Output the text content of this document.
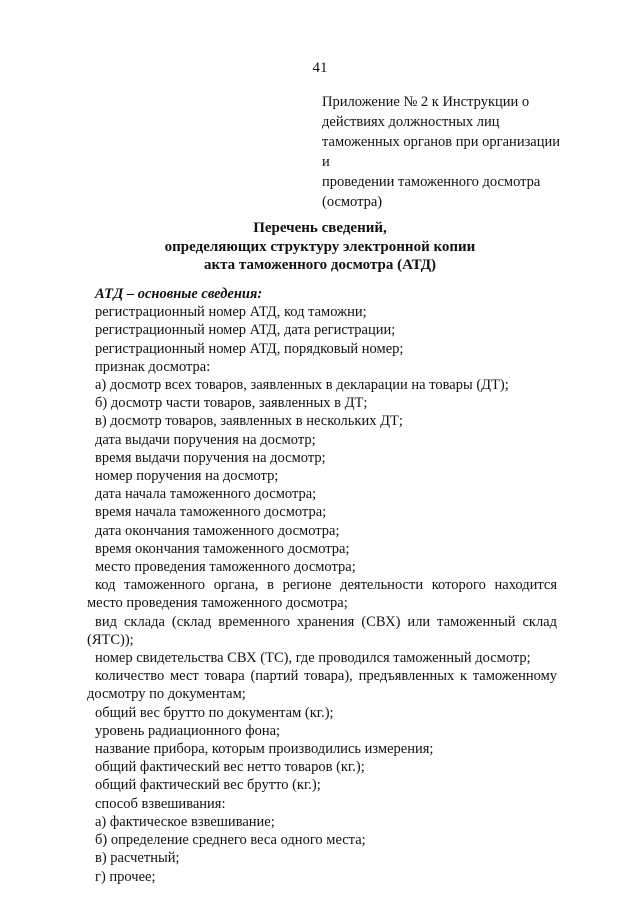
41
Приложение № 2 к Инструкции о
действиях должностных лиц
таможенных органов при организации и
проведении таможенного досмотра
(осмотра)
Перечень сведений,
определяющих структуру электронной копии
акта таможенного досмотра (АТД)
АТД – основные сведения:
регистрационный номер АТД, код таможни;
регистрационный номер АТД, дата регистрации;
регистрационный номер АТД, порядковый номер;
признак досмотра:
а) досмотр всех товаров, заявленных в декларации на товары (ДТ);
б) досмотр части товаров, заявленных в ДТ;
в) досмотр товаров, заявленных в нескольких ДТ;
дата выдачи поручения на досмотр;
время выдачи поручения на досмотр;
номер поручения на досмотр;
дата начала таможенного досмотра;
время начала таможенного досмотра;
дата окончания таможенного досмотра;
время окончания таможенного досмотра;
место проведения таможенного досмотра;
код таможенного органа, в регионе деятельности которого находится место проведения таможенного досмотра;
вид склада (склад временного хранения (СВХ) или таможенный склад (ЯТС));
номер свидетельства СВХ (ТС), где проводился таможенный досмотр;
количество мест товара (партий товара), предъявленных к таможенному досмотру по документам;
общий вес брутто по документам (кг.);
уровень радиационного фона;
название прибора, которым производились измерения;
общий фактический вес нетто товаров (кг.);
общий фактический вес брутто (кг.);
способ взвешивания:
а) фактическое взвешивание;
б) определение среднего веса одного места;
в) расчетный;
г) прочее;
